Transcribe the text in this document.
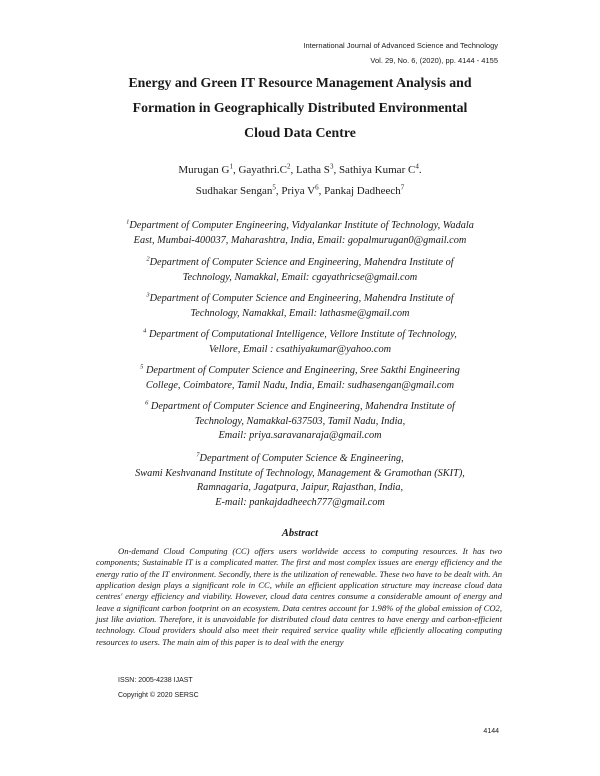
International Journal of Advanced Science and Technology
Vol. 29, No. 6, (2020), pp. 4144 - 4155
Energy and Green IT Resource Management Analysis and
Formation in Geographically Distributed Environmental
Cloud Data Centre
Murugan $G^1$, $Gayathri.C^2$, Latha $S^3$, Sathiya Kumar $C^4$.
Sudhakar Sengan$^5$, Priya $V^6$, Pankaj Dadheech$^7$
$^1$Department of Computer Engineering, Vidyalankar Institute of Technology, Wadala
East, Mumbai-400037, Maharashtra, India, Email: gopalmurugan0@gmail.com
$^2$Department of Computer Science and Engineering, Mahendra Institute of
Technology, Namakkal, Email: cgayathricse@gmail.com
$^3$Department of Computer Science and Engineering, Mahendra Institute of
Technology, Namakkal, Email: lathasme@gmail.com
$^4$ Department of Computational Intelligence, Vellore Institute of Technology,
Vellore, Email : csathiyakumar@yahoo.com
$^5$ Department of Computer Science and Engineering, Sree Sakthi Engineering
College, Coimbatore, Tamil Nadu, India, Email: sudhasengan@gmail.com
$^6$ Department of Computer Science and Engineering, Mahendra Institute of
Technology, Namakkal-637503, Tamil Nadu, India,
Email: priya.saravanaraja@gmail.com
$^7$Department of Computer Science & Engineering,
Swami Keshvanand Institute of Technology, Management & Gramothan (SKIT),
Ramnagaria, Jagatpura, Jaipur, Rajasthan, India,
E-mail: pankajdadheech777@gmail.com
Abstract

On-demand Cloud Computing (CC) offers users worldwide access to computing resources. It has two components; Sustainable IT is a complicated matter. The first and most complex issues are energy efficiency and the energy ratio of the IT environment. Secondly, there is the utilization of renewable. These two have to be dealt with. An application design plays a significant role in CC, while an efficient application structure may increase cloud data centres' energy efficiency and viability. However, cloud data centres consume a considerable amount of energy and leave a significant carbon footprint on an ecosystem. Data centres account for 1.98% of the global emission of CO2, just like aviation. Therefore, it is unavoidable for distributed cloud data centres to have energy and carbon-efficient technology. Cloud providers should also meet their required service quality while efficiently allocating computing resources to users. The main aim of this paper is to deal with the energy

ISSN: 2005-4238 IJAST
Copyright © 2020 SERSC
4144
